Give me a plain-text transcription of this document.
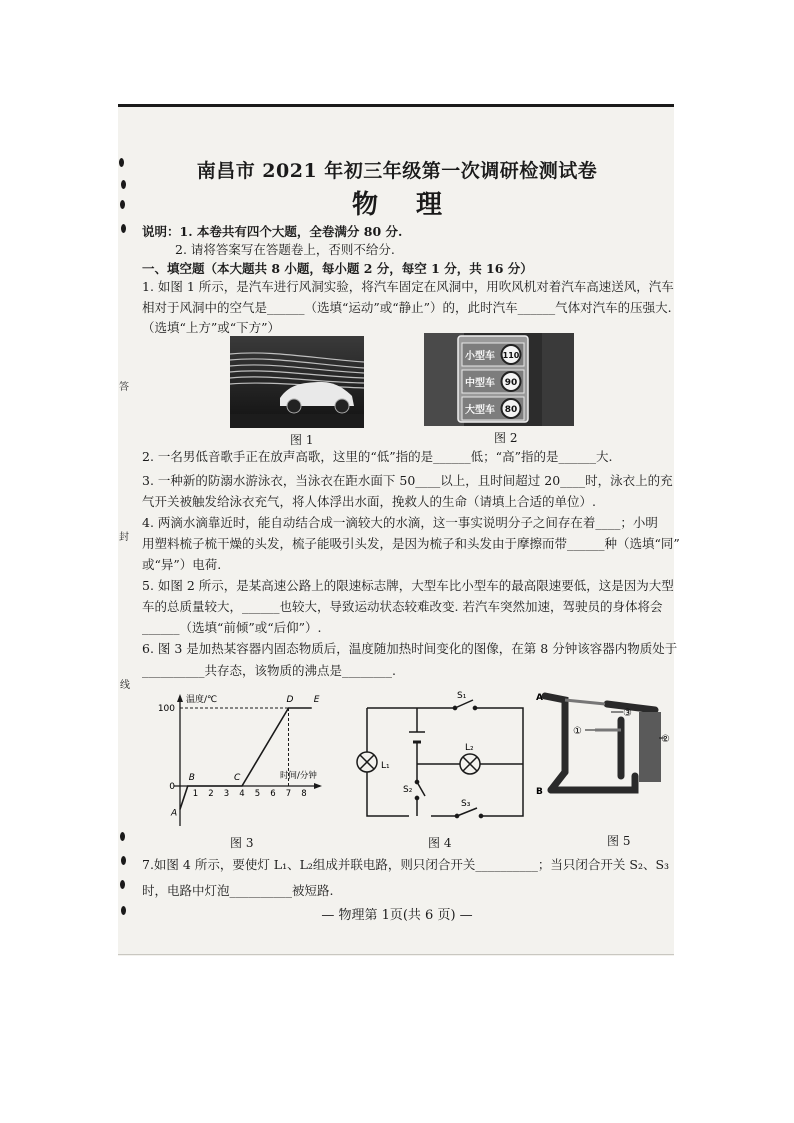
答
封
线
南昌市 2021 年初三年级第一次调研检测试卷
物理
说明：1. 本卷共有四个大题，全卷满分 80 分.
2. 请将答案写在答题卷上，否则不给分.
一、填空题（本大题共 8 小题，每小题 2 分，每空 1 分，共 16 分）
1. 如图 1 所示，是汽车进行风洞实验，将汽车固定在风洞中，用吹风机对着汽车高速送风，汽车
相对于风洞中的空气是______（选填“运动”或“静止”）的，此时汽车______气体对汽车的压强大.
（选填“上方”或“下方”）
图 1
小型车 110
中型车 90
大型车 80
图 2
2. 一名男低音歌手正在放声高歌，这里的“低”指的是______低；“高”指的是______大.
3. 一种新的防溺水游泳衣，当泳衣在距水面下 50____以上，且时间超过 20____时，泳衣上的充
气开关被触发给泳衣充气，将人体浮出水面，挽救人的生命（请填上合适的单位）.
4. 两滴水滴靠近时，能自动结合成一滴较大的水滴，这一事实说明分子之间存在着____；小明
用塑料梳子梳干燥的头发，梳子能吸引头发，是因为梳子和头发由于摩擦而带______种（选填“同”
或“异”）电荷.
5. 如图 2 所示，是某高速公路上的限速标志牌，大型车比小型车的最高限速要低，这是因为大型
车的总质量较大，______也较大，导致运动状态较难改变. 若汽车突然加速，驾驶员的身体将会
______（选填“前倾”或“后仰”）.
6. 图 3 是加热某容器内固态物质后，温度随加热时间变化的图像，在第 8 分钟该容器内物质处于
__________共存态，该物质的沸点是________.
温度/℃
时间/分钟
1 2 3 4 5 6 7 8
0
100
A
B	C
D E
图 3
S₁
S₂
S₃
L₁
L₂
图 4
A
B
①
②
③
图 5
7.如图 4 所示，要使灯 L₁、L₂组成并联电路，则只闭合开关__________；当只闭合开关 S₂、S₃
时，电路中灯泡__________被短路.
— 物理第 1页(共 6 页) —
